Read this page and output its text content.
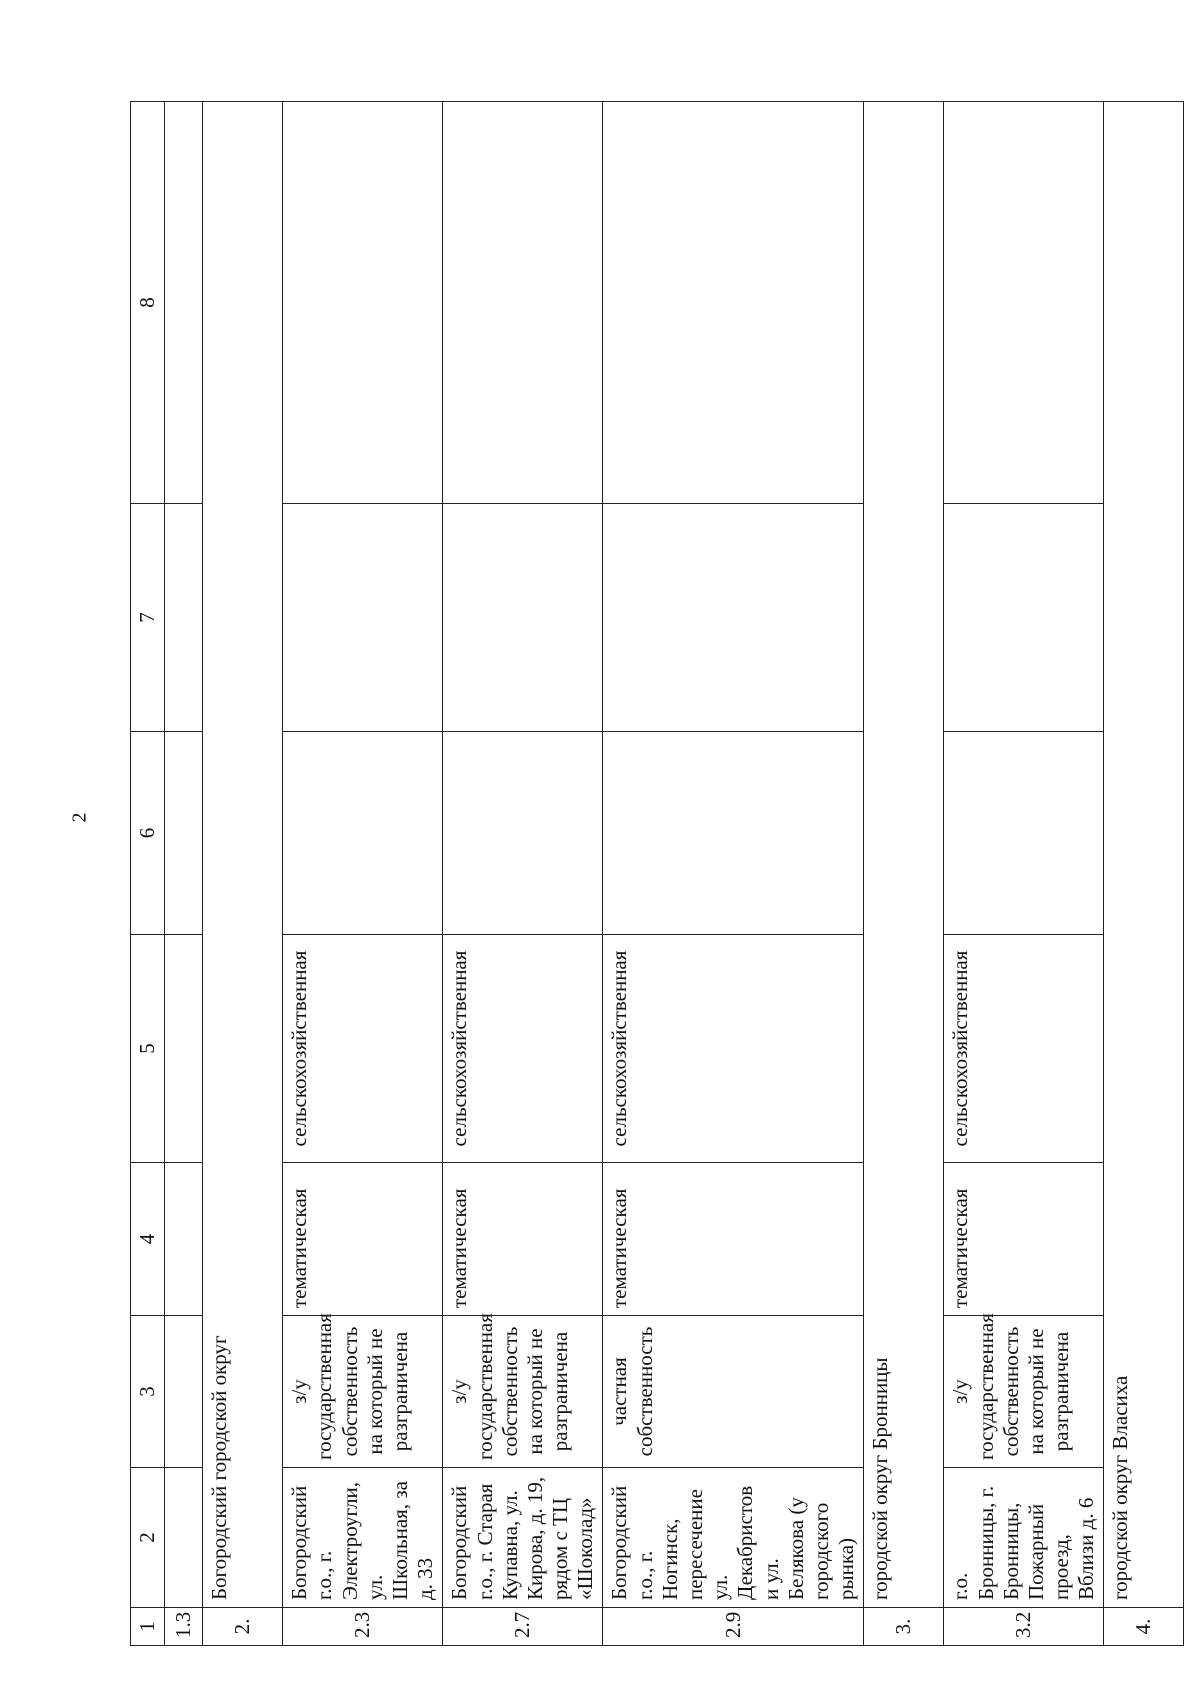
2
1	2	3	4	5	6	7	8
1.3							
2.	Богородский городской округ						
2.3	Богородский г.о., г. Электроугли, ул. Школьная, за д. 33	з/у государственная собственность на который не разграничена	тематическая	сельскохозяйственная			
2.7	Богородский г.о., г. Старая Купавна, ул. Кирова, д. 19, рядом с ТЦ «Шоколад»	з/у государственная собственность на который не разграничена	тематическая	сельскохозяйственная			
2.9	Богородский г.о., г. Ногинск, пересечение ул. Декабристов и ул. Белякова (у городского рынка)	частная собственность	тематическая	сельскохозяйственная			
3.	городской округ Бронницы						
3.2	г.о. Бронницы, г. Бронницы, Пожарный проезд, Вблизи д. 6	з/у государственная собственность на который не разграничена	тематическая	сельскохозяйственная			
4.	городской округ Власиха						
